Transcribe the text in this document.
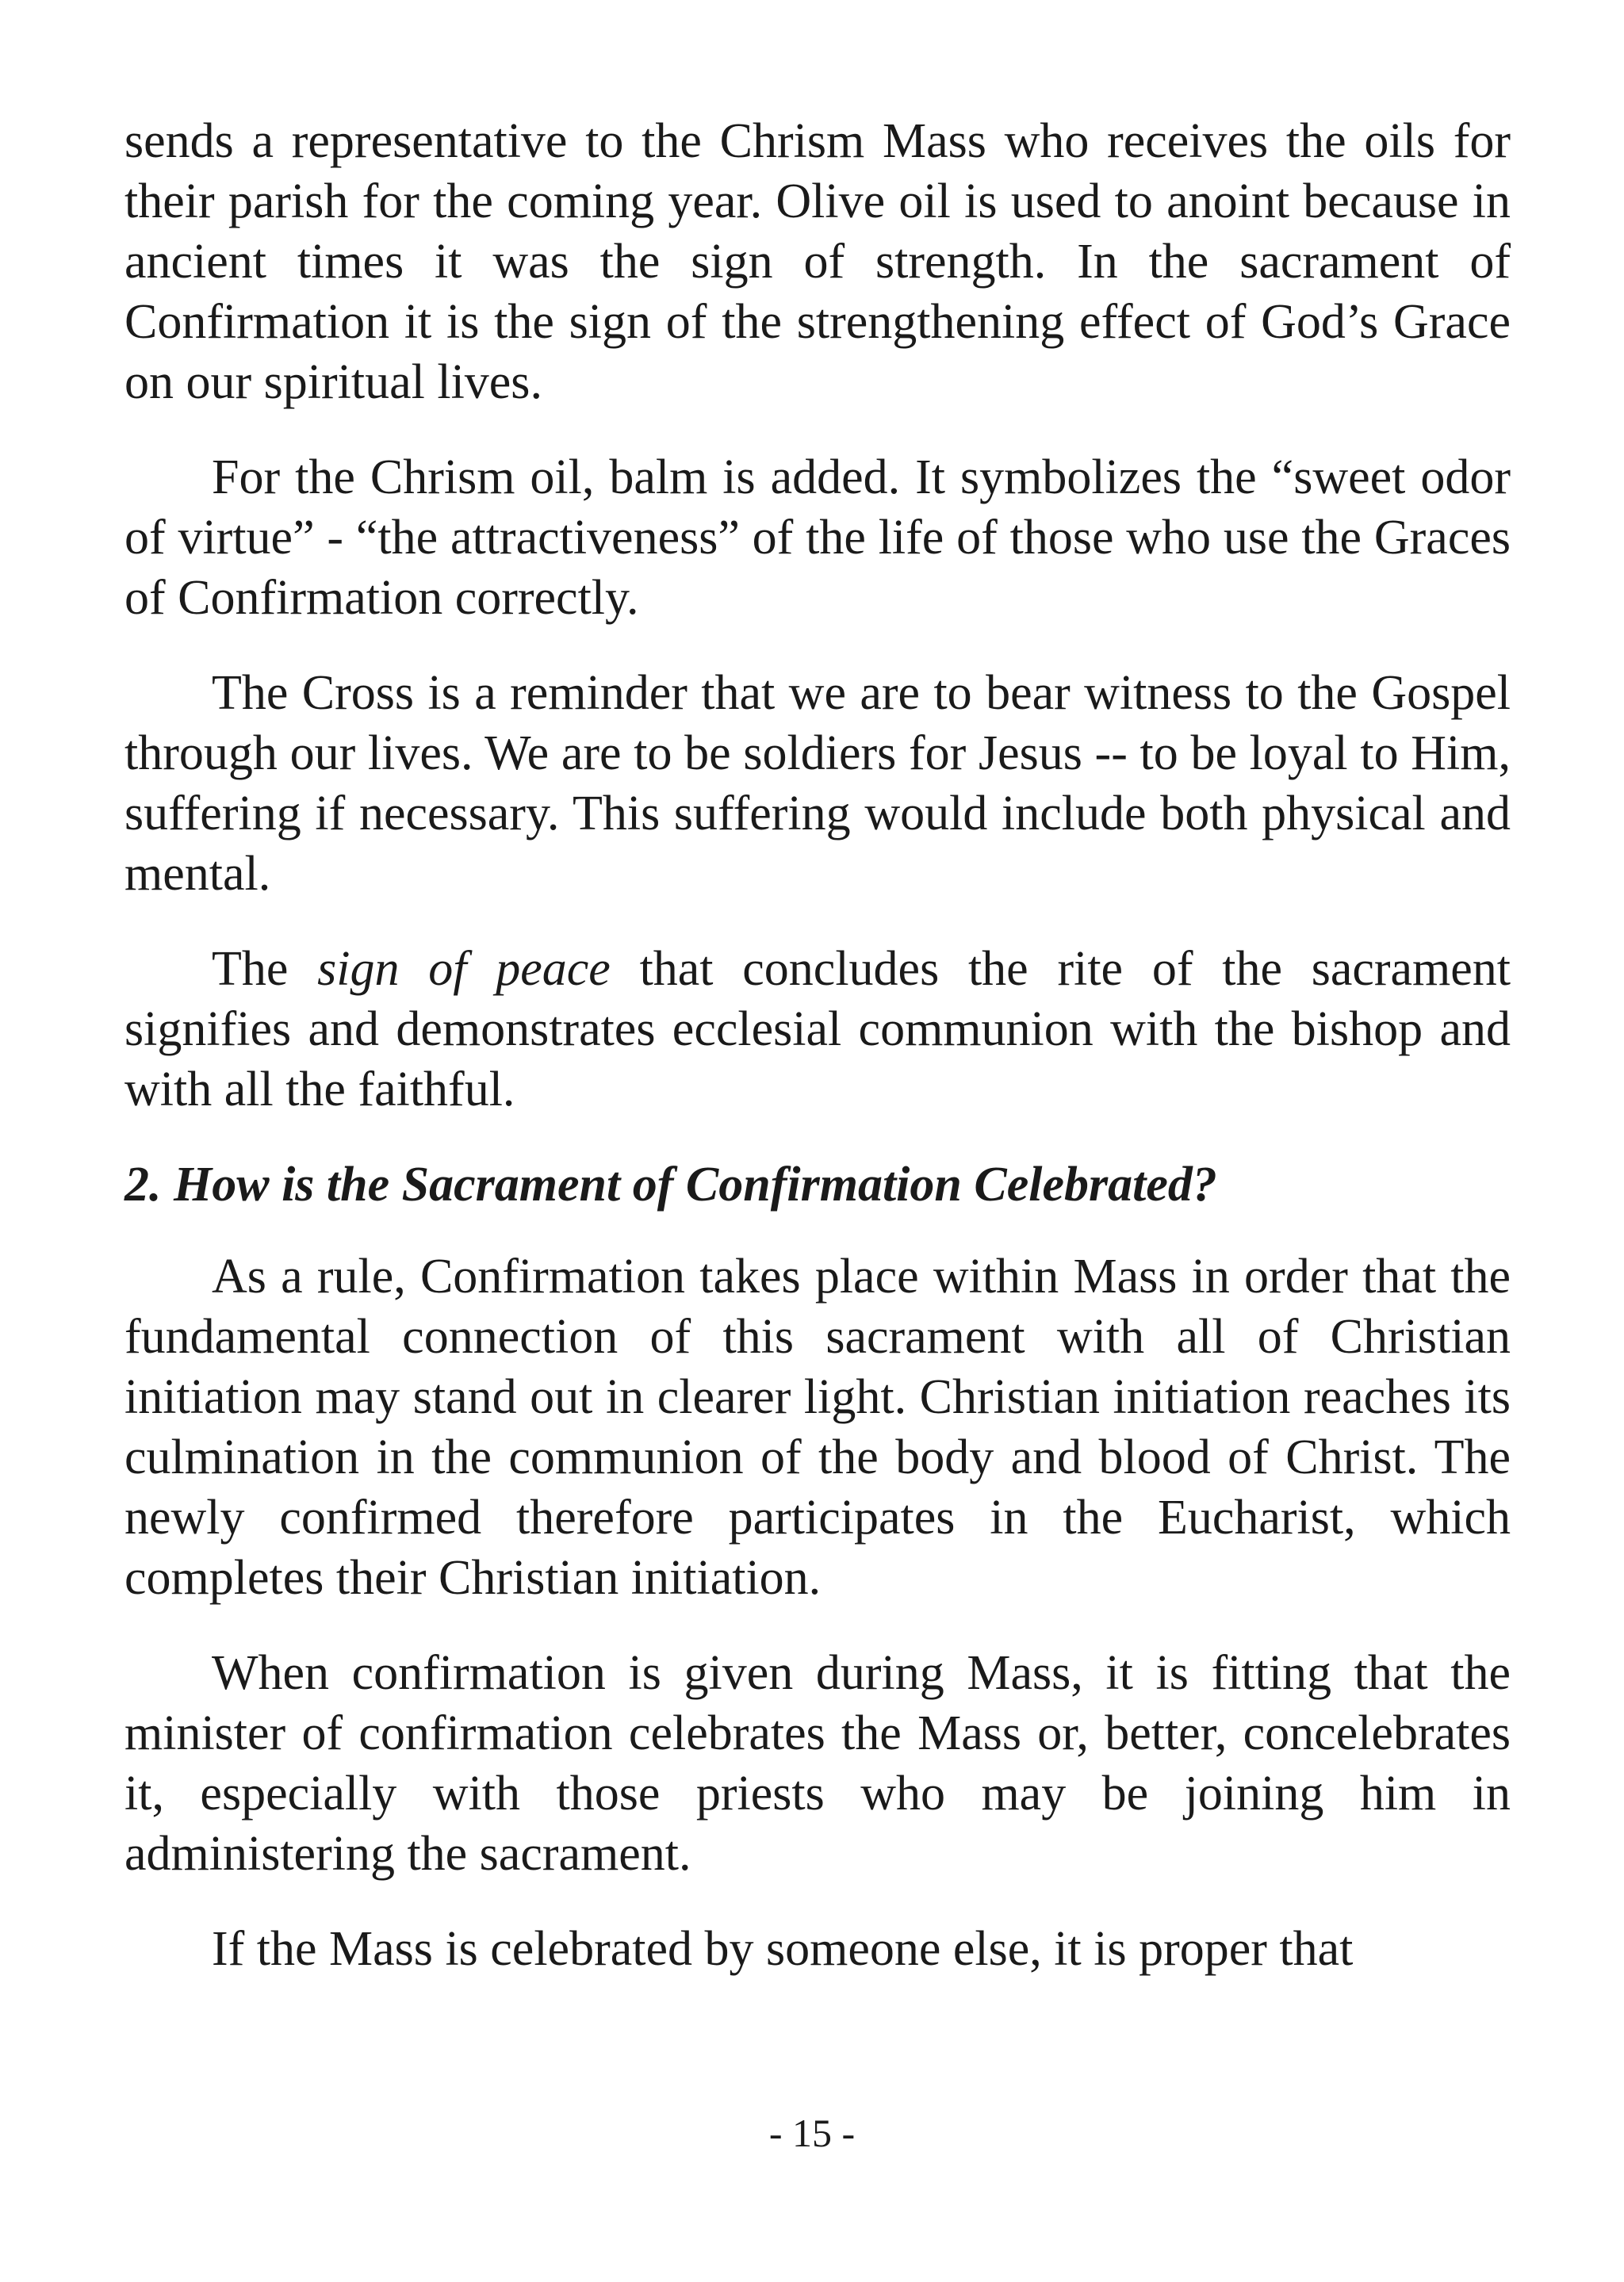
sends a representative to the Chrism Mass who receives the oils for their parish for the coming year. Olive oil is used to anoint because in ancient times it was the sign of strength. In the sacrament of Confirmation it is the sign of the strengthening effect of God’s Grace on our spiritual lives.

For the Chrism oil, balm is added. It symbolizes the “sweet odor of virtue” - “the attractiveness” of the life of those who use the Graces of Confirmation correctly.

The Cross is a reminder that we are to bear witness to the Gospel through our lives. We are to be soldiers for Jesus -- to be loyal to Him, suffering if necessary. This suffering would include both physical and mental.

The sign of peace that concludes the rite of the sacrament signifies and demonstrates ecclesial communion with the bishop and with all the faithful.

2. How is the Sacrament of Confirmation Celebrated?

As a rule, Confirmation takes place within Mass in order that the fundamental connection of this sacrament with all of Christian initiation may stand out in clearer light. Christian initiation reaches its culmination in the communion of the body and blood of Christ. The newly confirmed therefore participates in the Eucharist, which completes their Christian initiation.

When confirmation is given during Mass, it is fitting that the minister of confirmation celebrates the Mass or, better, concelebrates it, especially with those priests who may be joining him in administering the sacrament.

If the Mass is celebrated by someone else, it is proper that

- 15 -
